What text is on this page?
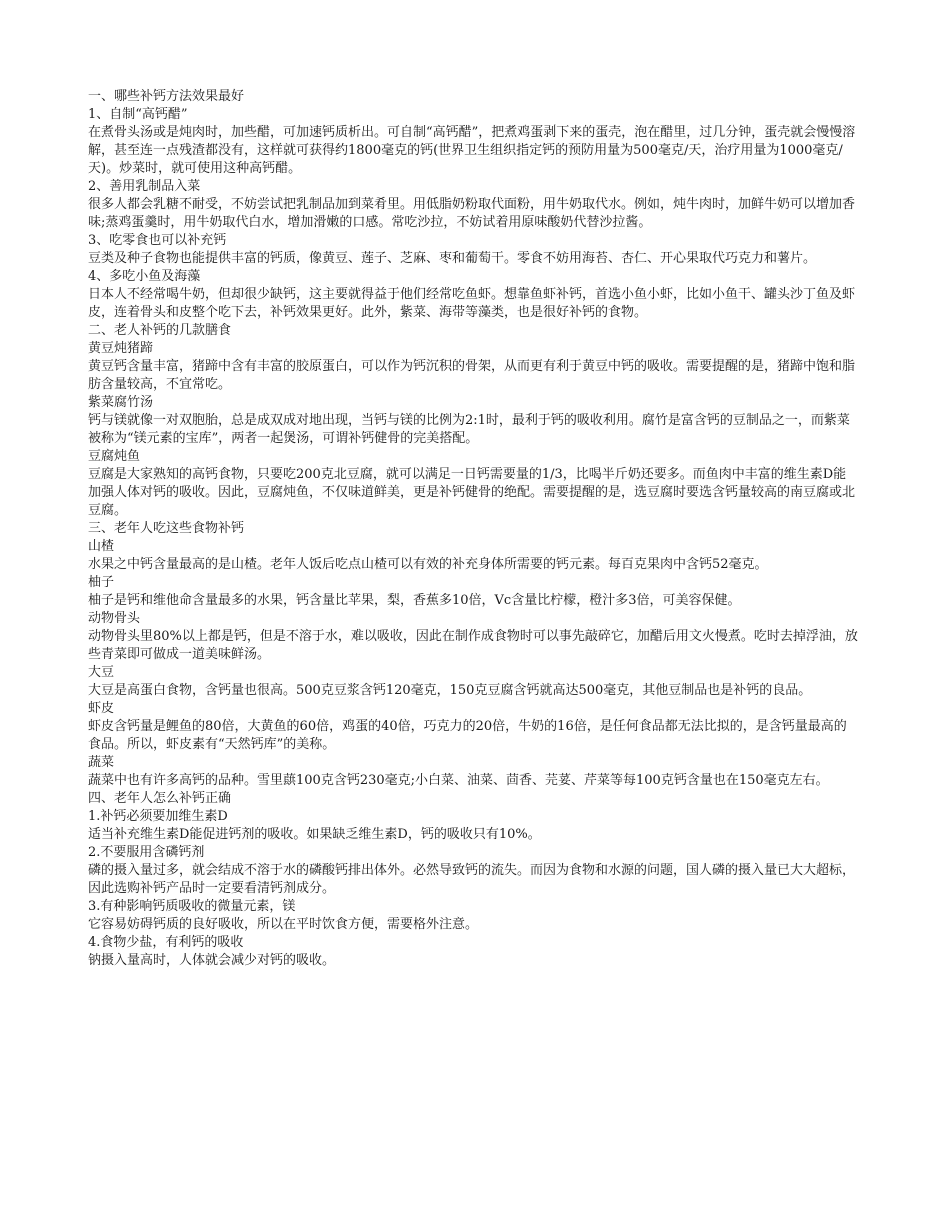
一、哪些补钙方法效果最好

1、自制“高钙醋”

在煮骨头汤或是炖肉时，加些醋，可加速钙质析出。可自制“高钙醋”，把煮鸡蛋剥下来的蛋壳，泡在醋里，过几分钟，蛋壳就会慢慢溶解，甚至连一点残渣都没有，这样就可获得约1800毫克的钙(世界卫生组织指定钙的预防用量为500毫克/天，治疗用量为1000毫克/天)。炒菜时，就可使用这种高钙醋。

2、善用乳制品入菜

很多人都会乳糖不耐受，不妨尝试把乳制品加到菜肴里。用低脂奶粉取代面粉，用牛奶取代水。例如，炖牛肉时，加鲜牛奶可以增加香味;蒸鸡蛋羹时，用牛奶取代白水，增加滑嫩的口感。常吃沙拉，不妨试着用原味酸奶代替沙拉酱。

3、吃零食也可以补充钙

豆类及种子食物也能提供丰富的钙质，像黄豆、莲子、芝麻、枣和葡萄干。零食不妨用海苔、杏仁、开心果取代巧克力和薯片。

4、多吃小鱼及海藻

日本人不经常喝牛奶，但却很少缺钙，这主要就得益于他们经常吃鱼虾。想靠鱼虾补钙，首选小鱼小虾，比如小鱼干、罐头沙丁鱼及虾皮，连着骨头和皮整个吃下去，补钙效果更好。此外，紫菜、海带等藻类，也是很好补钙的食物。

二、老人补钙的几款膳食

黄豆炖猪蹄

黄豆钙含量丰富，猪蹄中含有丰富的胶原蛋白，可以作为钙沉积的骨架，从而更有利于黄豆中钙的吸收。需要提醒的是，猪蹄中饱和脂肪含量较高，不宜常吃。

紫菜腐竹汤

钙与镁就像一对双胞胎，总是成双成对地出现，当钙与镁的比例为2:1时，最利于钙的吸收利用。腐竹是富含钙的豆制品之一，而紫菜被称为“镁元素的宝库”，两者一起煲汤，可谓补钙健骨的完美搭配。

豆腐炖鱼

豆腐是大家熟知的高钙食物，只要吃200克北豆腐，就可以满足一日钙需要量的1/3，比喝半斤奶还要多。而鱼肉中丰富的维生素D能加强人体对钙的吸收。因此，豆腐炖鱼，不仅味道鲜美，更是补钙健骨的绝配。需要提醒的是，选豆腐时要选含钙量较高的南豆腐或北豆腐。

三、老年人吃这些食物补钙

山楂

水果之中钙含量最高的是山楂。老年人饭后吃点山楂可以有效的补充身体所需要的钙元素。每百克果肉中含钙52毫克。

柚子

柚子是钙和维他命含量最多的水果，钙含量比苹果，梨，香蕉多10倍，Vc含量比柠檬，橙汁多3倍，可美容保健。

动物骨头

动物骨头里80%以上都是钙，但是不溶于水，难以吸收，因此在制作成食物时可以事先敲碎它，加醋后用文火慢煮。吃时去掉浮油，放些青菜即可做成一道美味鲜汤。

大豆

大豆是高蛋白食物，含钙量也很高。500克豆浆含钙120毫克，150克豆腐含钙就高达500毫克，其他豆制品也是补钙的良品。

虾皮

虾皮含钙量是鲤鱼的80倍，大黄鱼的60倍，鸡蛋的40倍，巧克力的20倍，牛奶的16倍，是任何食品都无法比拟的，是含钙量最高的食品。所以，虾皮素有“天然钙库”的美称。

蔬菜

蔬菜中也有许多高钙的品种。雪里蕻100克含钙230毫克;小白菜、油菜、茴香、芫荽、芹菜等每100克钙含量也在150毫克左右。

四、老年人怎么补钙正确

1.补钙必须要加维生素D

适当补充维生素D能促进钙剂的吸收。如果缺乏维生素D，钙的吸收只有10%。

2.不要服用含磷钙剂

磷的摄入量过多，就会结成不溶于水的磷酸钙排出体外。必然导致钙的流失。而因为食物和水源的问题，国人磷的摄入量已大大超标，因此选购补钙产品时一定要看清钙剂成分。

3.有种影响钙质吸收的微量元素，镁

它容易妨碍钙质的良好吸收，所以在平时饮食方便，需要格外注意。

4.食物少盐，有利钙的吸收

钠摄入量高时，人体就会减少对钙的吸收。
